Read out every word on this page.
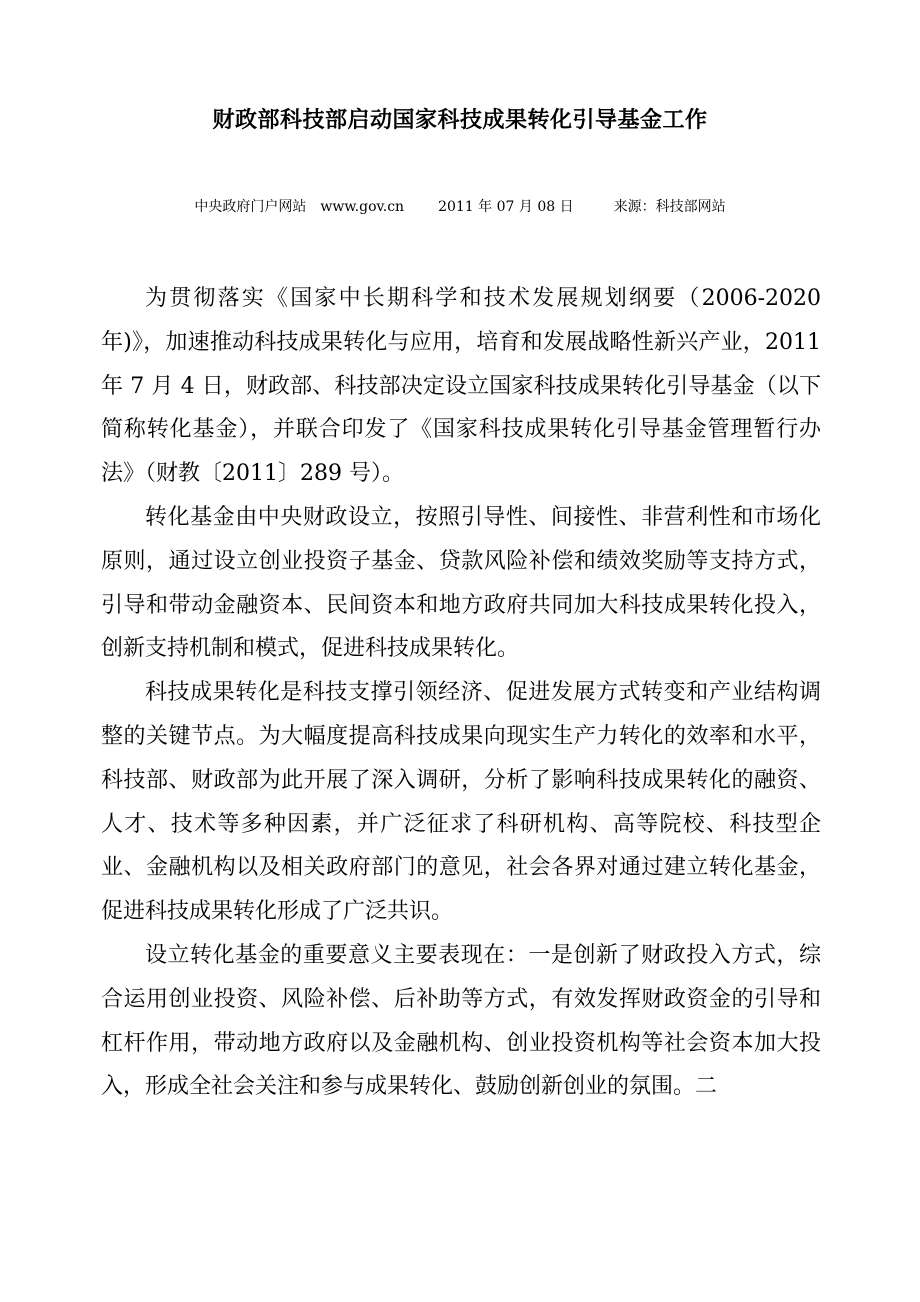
财政部科技部启动国家科技成果转化引导基金工作
中央政府门户网站 www.gov.cn 2011 年 07 月 08 日	来源：科技部网站

为贯彻落实《国家中长期科学和技术发展规划纲要（2006-2020年)》，加速推动科技成果转化与应用，培育和发展战略性新兴产业，2011年 7 月 4 日，财政部、科技部决定设立国家科技成果转化引导基金（以下简称转化基金），并联合印发了《国家科技成果转化引导基金管理暂行办法》（财教〔2011〕289 号）。

转化基金由中央财政设立，按照引导性、间接性、非营利性和市场化原则，通过设立创业投资子基金、贷款风险补偿和绩效奖励等支持方式，引导和带动金融资本、民间资本和地方政府共同加大科技成果转化投入，创新支持机制和模式，促进科技成果转化。

科技成果转化是科技支撑引领经济、促进发展方式转变和产业结构调整的关键节点。为大幅度提高科技成果向现实生产力转化的效率和水平，科技部、财政部为此开展了深入调研，分析了影响科技成果转化的融资、人才、技术等多种因素，并广泛征求了科研机构、高等院校、科技型企业、金融机构以及相关政府部门的意见，社会各界对通过建立转化基金，促进科技成果转化形成了广泛共识。

设立转化基金的重要意义主要表现在：一是创新了财政投入方式，综合运用创业投资、风险补偿、后补助等方式，有效发挥财政资金的引导和杠杆作用，带动地方政府以及金融机构、创业投资机构等社会资本加大投入，形成全社会关注和参与成果转化、鼓励创新创业的氛围。二
